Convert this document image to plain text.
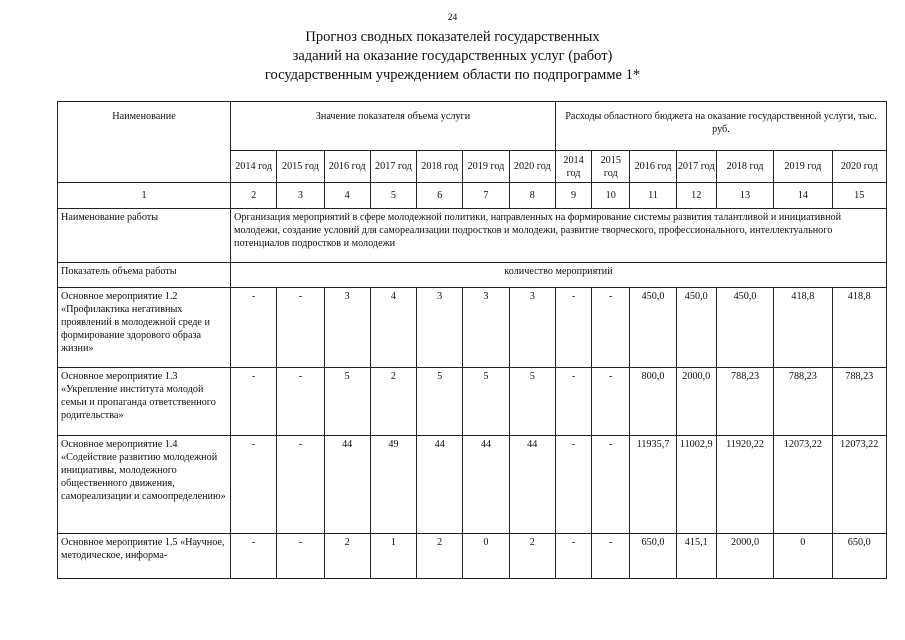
24
Прогноз сводных показателей государственных
заданий на оказание государственных услуг (работ)
государственным учреждением области по подпрограмме 1*
Наименование	Значение показателя объема услуги							Расходы областного бюджета на оказание государственной услуги, тыс. руб.						
	2014 год	2015 год	2016 год	2017 год	2018 год	2019 год	2020 год	2014 год	2015 год	2016 год	2017 год	2018 год	2019 год	2020 год
1	2	3	4	5	6	7	8	9	10	11	12	13	14	15
Наименование работы	Организация мероприятий в сфере молодежной политики, направленных на формирование системы развития талантливой и инициативной молодежи, создание условий для самореализации подростков и молодежи, развитие творческого, профессионального, интеллектуального потенциалов подростков и молодежи													
Показатель объема работы	количество мероприятий													
Основное мероприятие 1.2 «Профилактика негативных проявлений в молодежной среде и формирование здорового образа жизни»	-	-	3	4	3	3	3	-	-	450,0	450,0	450,0	418,8	418,8
Основное мероприятие 1.3 «Укрепление института молодой семьи и пропаганда ответственного родительства»	-	-	5	2	5	5	5	-	-	800,0	2000,0	788,23	788,23	788,23
Основное мероприятие 1.4 «Содействие развитию молодежной инициативы, молодежного общественного движения, самореализации и самоопределению»	-	-	44	49	44	44	44	-	-	11935,7	11002,9	11920,22	12073,22	12073,22
Основное мероприятие 1.5 «Научное, методическое, информа-	-	-	2	1	2	0	2	-	-	650,0	415,1	2000,0	0	650,0
